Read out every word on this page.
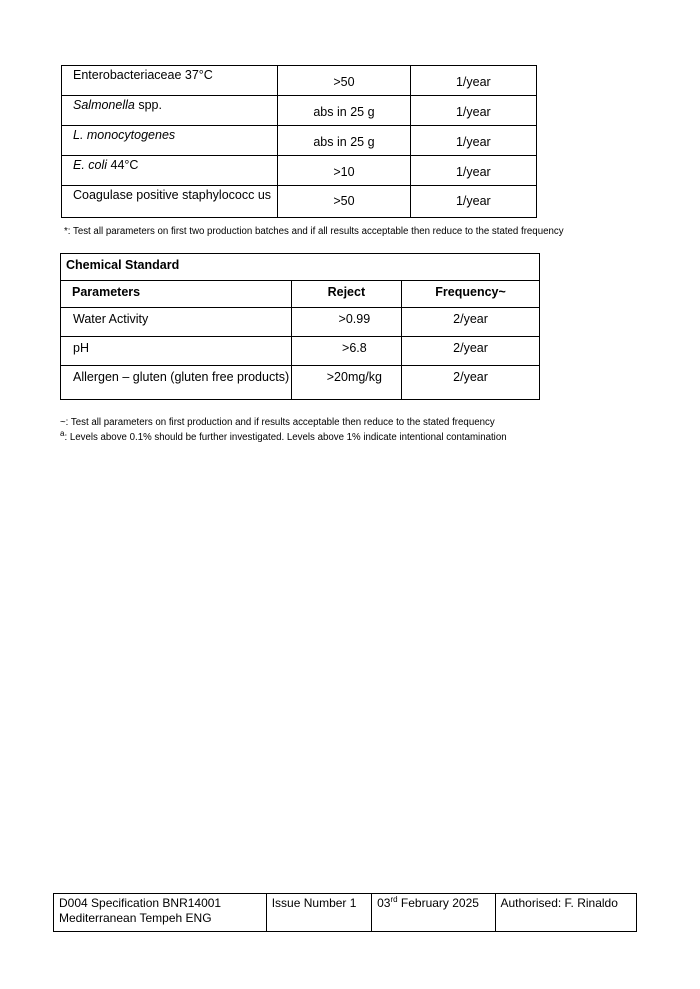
Enterobacteriaceae 37°C	>50	1/year
Salmonella spp.	abs in 25 g	1/year
L. monocytogenes	abs in 25 g	1/year
E. coli 44°C	>10	1/year
Coagulase positive staphylococc us	>50	1/year
*: Test all parameters on first two production batches and if all results acceptable then reduce to the stated frequency
Chemical Standard		
Parameters	Reject	Frequency~
Water Activity	>0.99	2/year
pH	>6.8	2/year
Allergen – gluten (gluten free products)	>20mg/kg	2/year
~: Test all parameters on first production and if results acceptable then reduce to the stated frequency
$^a$: Levels above 0.1% should be further investigated. Levels above 1% indicate intentional contamination
D004 Specification BNR14001 Mediterranean Tempeh ENG	Issue Number 1	03rd February 2025	Authorised: F. Rinaldo
